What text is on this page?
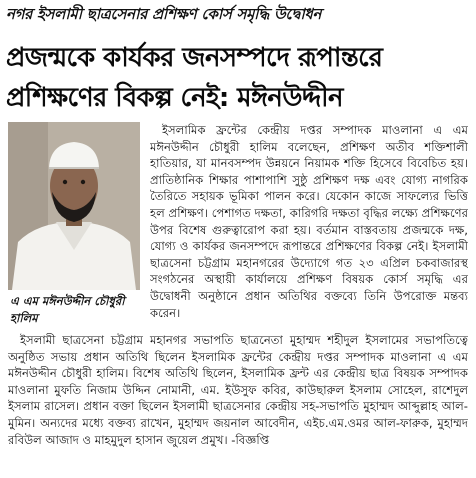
নগর ইসলামী ছাত্রসেনার প্রশিক্ষণ কোর্স সমৃদ্ধি উদ্বোধন
প্রজন্মকে কার্যকর জনসম্পদে রূপান্তরে
প্রশিক্ষণের বিকল্প নেই: মঈনউদ্দীন
এ এম মঈনউদ্দীন চৌধুরী হালিম

ইসলামিক ফ্রন্টের কেন্দ্রীয় দপ্তর সম্পাদক মাওলানা এ এম মঈনউদ্দীন চৌধুরী হালিম বলেছেন, প্রশিক্ষণ অতীব শক্তিশালী হাতিয়ার, যা মানবসম্পদ উন্নয়নে নিয়ামক শক্তি হিসেবে বিবেচিত হয়। প্রাতিষ্ঠানিক শিক্ষার পাশাপাশি সুষ্ঠু প্রশিক্ষণ দক্ষ এবং যোগ্য নাগরিক তৈরিতে সহায়ক ভূমিকা পালন করে। যেকোন কাজে সাফল্যের ভিত্তি হল প্রশিক্ষণ। পেশাগত দক্ষতা, কারিগরি দক্ষতা বৃদ্ধির লক্ষ্যে প্রশিক্ষণের উপর বিশেষ গুরুত্বারোপ করা হয়। বর্তমান বাস্তবতায় প্রজন্মকে দক্ষ, যোগ্য ও কার্যকর জনসম্পদে রূপান্তরে প্রশিক্ষণের বিকল্প নেই। ইসলামী ছাত্রসেনা চট্টগ্রাম মহানগরের উদ্যোগে গত ২৩ এপ্রিল চকবাজারস্থ সংগঠনের অস্থায়ী কার্যালয়ে প্রশিক্ষণ বিষয়ক কোর্স সমৃদ্ধি এর উদ্বোধনী অনুষ্ঠানে প্রধান অতিথির বক্তব্যে তিনি উপরোক্ত মন্তব্য করেন।

ইসলামী ছাত্রসেনা চট্টগ্রাম মহানগর সভাপতি ছাত্রনেতা মুহাম্মদ শহীদুল ইসলামের সভাপতিত্বে অনুষ্ঠিত সভায় প্রধান অতিথি ছিলেন ইসলামিক ফ্রন্টের কেন্দ্রীয় দপ্তর সম্পাদক মাওলানা এ এম মঈনউদ্দীন চৌধুরী হালিম। বিশেষ অতিথি ছিলেন, ইসলামিক ফ্রন্ট এর কেন্দ্রীয় ছাত্র বিষয়ক সম্পাদক মাওলানা মুফতি নিজাম উদ্দিন নোমানী, এম. ইউসুফ কবির, কাউছারুল ইসলাম সোহেল, রাশেদুল ইসলাম রাসেল। প্রধান বক্তা ছিলেন ইসলামী ছাত্রসেনার কেন্দ্রীয় সহ-সভাপতি মুহাম্মদ আব্দুল্লাহ আল-মুমিন। অন্যদের মধ্যে বক্তব্য রাখেন, মুহাম্মদ জয়নাল আবেদীন, এইচ.এম.ওমর আল-ফারুক, মুহাম্মদ রবিউল আজাদ ও মাহমুদুল হাসান জুয়েল প্রমুখ। -বিজ্ঞপ্তি
